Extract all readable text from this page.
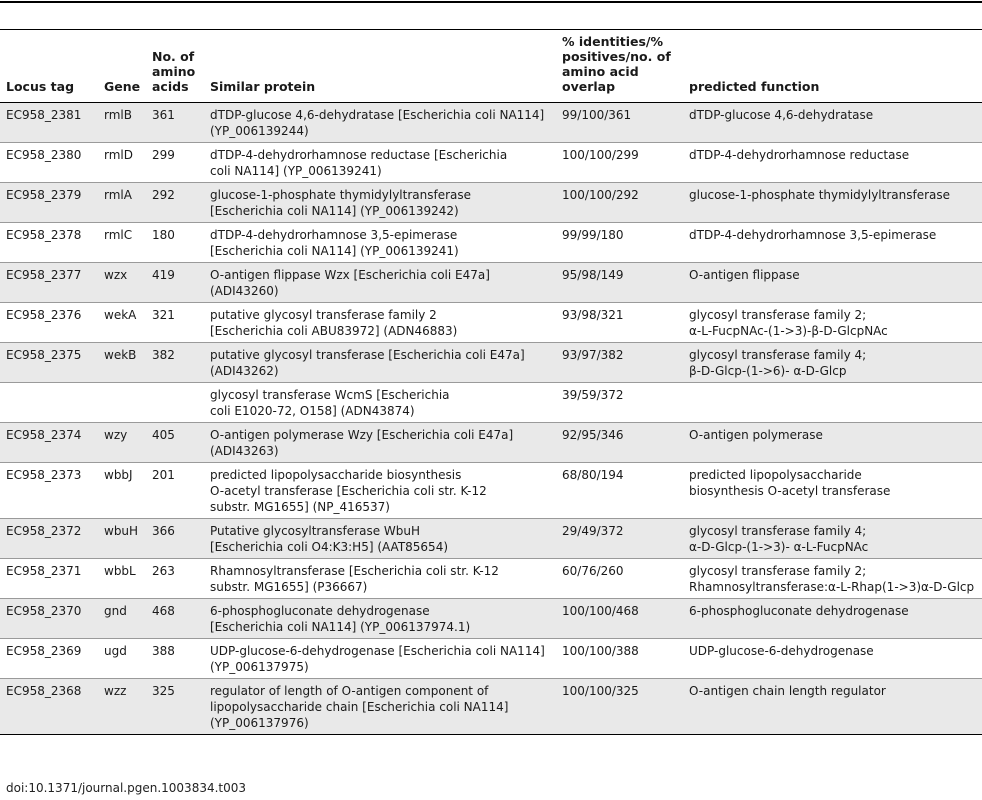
Locus tag	Gene	No. of
amino
acids	Similar protein	% identities/%
positives/no. of
amino acid
overlap	predicted function
EC958_2381	rmlB	361	dTDP-glucose 4,6-dehydratase [Escherichia coli NA114]
(YP_006139244)	99/100/361	dTDP-glucose 4,6-dehydratase
EC958_2380	rmlD	299	dTDP-4-dehydrorhamnose reductase [Escherichia
coli NA114] (YP_006139241)	100/100/299	dTDP-4-dehydrorhamnose reductase
EC958_2379	rmlA	292	glucose-1-phosphate thymidylyltransferase
[Escherichia coli NA114] (YP_006139242)	100/100/292	glucose-1-phosphate thymidylyltransferase
EC958_2378	rmlC	180	dTDP-4-dehydrorhamnose 3,5-epimerase
[Escherichia coli NA114] (YP_006139241)	99/99/180	dTDP-4-dehydrorhamnose 3,5-epimerase
EC958_2377	wzx	419	O-antigen flippase Wzx [Escherichia coli E47a]
(ADI43260)	95/98/149	O-antigen flippase
EC958_2376	wekA	321	putative glycosyl transferase family 2
[Escherichia coli ABU83972] (ADN46883)	93/98/321	glycosyl transferase family 2;
α-L-FucpNAc-(1->3)-β-D-GlcpNAc
EC958_2375	wekB	382	putative glycosyl transferase [Escherichia coli E47a]
(ADI43262)	93/97/382	glycosyl transferase family 4;
β-D-Glcp-(1->6)- α-D-Glcp
			glycosyl transferase WcmS [Escherichia
coli E1020-72, O158] (ADN43874)	39/59/372	
EC958_2374	wzy	405	O-antigen polymerase Wzy [Escherichia coli E47a]
(ADI43263)	92/95/346	O-antigen polymerase
EC958_2373	wbbJ	201	predicted lipopolysaccharide biosynthesis
O-acetyl transferase [Escherichia coli str. K-12
substr. MG1655] (NP_416537)	68/80/194	predicted lipopolysaccharide
biosynthesis O-acetyl transferase
EC958_2372	wbuH	366	Putative glycosyltransferase WbuH
[Escherichia coli O4:K3:H5] (AAT85654)	29/49/372	glycosyl transferase family 4;
α-D-Glcp-(1->3)- α-L-FucpNAc
EC958_2371	wbbL	263	Rhamnosyltransferase [Escherichia coli str. K-12
substr. MG1655] (P36667)	60/76/260	glycosyl transferase family 2;
Rhamnosyltransferase:α-L-Rhap(1->3)α-D-Glcp
EC958_2370	gnd	468	6-phosphogluconate dehydrogenase
[Escherichia coli NA114] (YP_006137974.1)	100/100/468	6-phosphogluconate dehydrogenase
EC958_2369	ugd	388	UDP-glucose-6-dehydrogenase [Escherichia coli NA114]
(YP_006137975)	100/100/388	UDP-glucose-6-dehydrogenase
EC958_2368	wzz	325	regulator of length of O-antigen component of
lipopolysaccharide chain [Escherichia coli NA114]
(YP_006137976)	100/100/325	O-antigen chain length regulator
doi:10.1371/journal.pgen.1003834.t003
